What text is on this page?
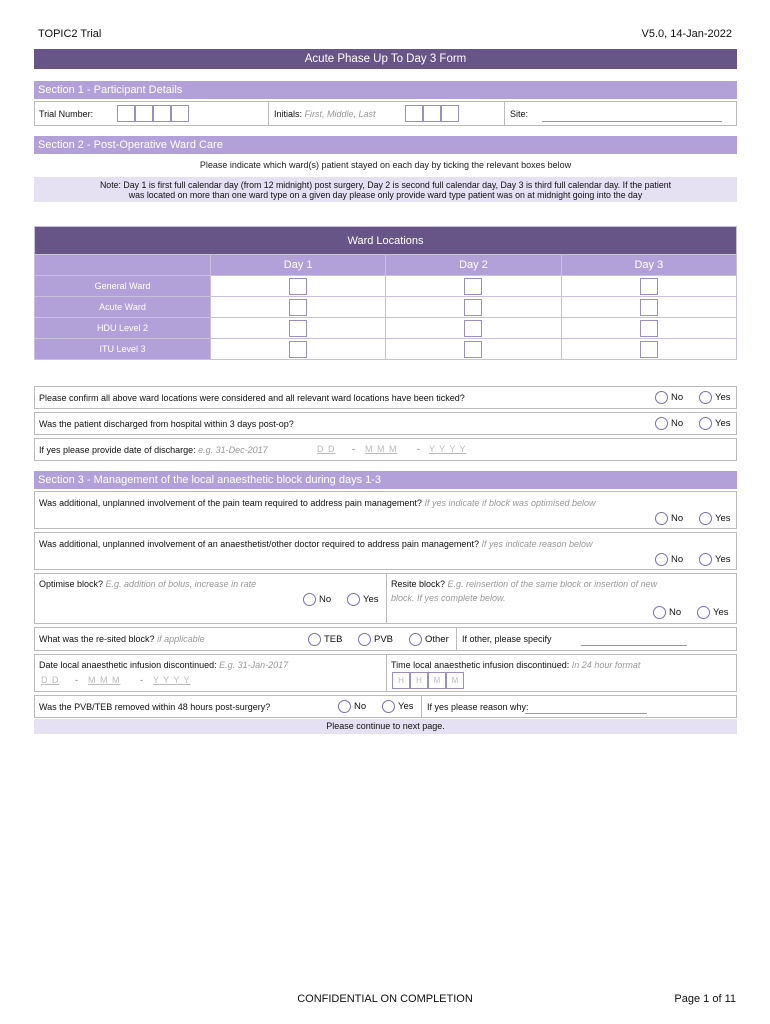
TOPIC2 Trial	V5.0, 14-Jan-2022
Acute Phase Up To Day 3 Form
Section 1 - Participant Details
Trial Number:	Initials: First, Middle, Last	Site:
Section 2 - Post-Operative Ward Care
Please indicate which ward(s) patient stayed on each day by ticking the relevant boxes below
Note: Day 1 is first full calendar day (from 12 midnight) post surgery, Day 2 is second full calendar day, Day 3 is third full calendar day. If the patient
was located on more than one ward type on a given day please only provide ward type patient was on at midnight going into the day
Ward Locations			
	Day 1	Day 2	Day 3
General Ward			
Acute Ward			
HDU Level 2			
ITU Level 3			
Please confirm all above ward locations were considered and all relevant ward locations have been ticked?	No	Yes
Was the patient discharged from hospital within 3 days post-op?	No	Yes
If yes please provide date of discharge: e.g. 31-Dec-2017	D D - M M M - Y Y Y Y
Section 3 - Management of the local anaesthetic block during days 1-3
Was additional, unplanned involvement of the pain team required to address pain management? If yes indicate if block was optimised below
No	Yes
Was additional, unplanned involvement of an anaesthetist/other doctor required to address pain management? If yes indicate reason below
No	Yes
Optimise block? E.g. addition of bolus, increase in rate
No	Yes
Resite block? E.g. reinsertion of the same block or insertion of new
block. If yes complete below.
No	Yes
What was the re-sited block? if applicable	TEB	PVB	Other If other, please specify
Date local anaesthetic infusion discontinued: E.g. 31-Jan-2017
D D - M M M - Y Y Y Y
Time local anaesthetic infusion discontinued: In 24 hour format
H H M M
Was the PVB/TEB removed within 48 hours post-surgery?	No	Yes If yes please reason why:
Please continue to next page.
CONFIDENTIAL ON COMPLETION	Page 1 of 11
